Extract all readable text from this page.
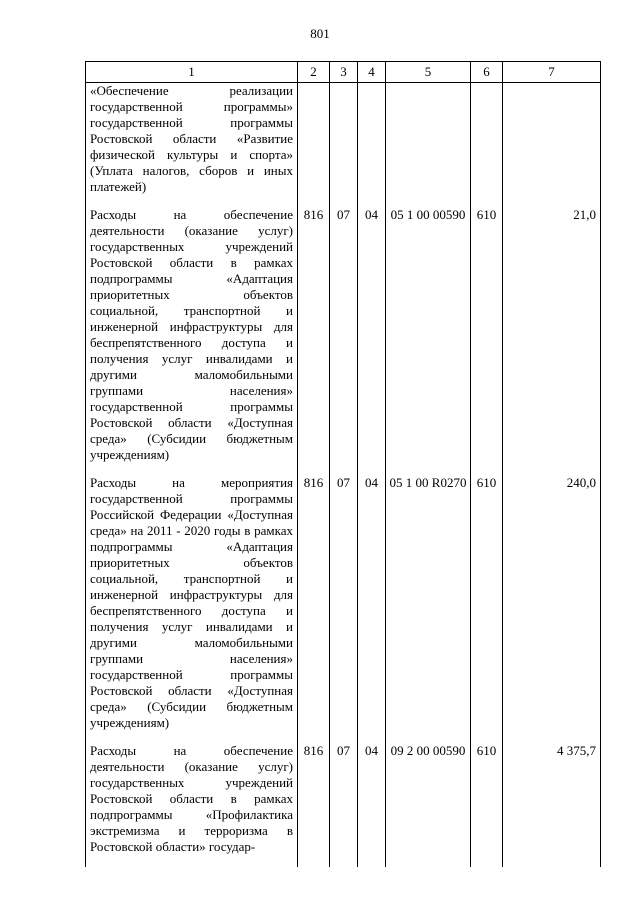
801
1	2	3	4	5	6	7
«Обеспечение реализации государственной программы» государственной программы Ростовской области «Развитие физической культуры и спорта» (Уплата налогов, сборов и иных платежей)						
Расходы на обеспечение деятельности (оказание услуг) государственных учреждений Ростовской области в рамках подпрограммы «Адаптация приоритетных объектов социальной, транспортной и инженерной инфраструктуры для беспрепятственного доступа и получения услуг инвалидами и другими маломобильными группами населения» государственной программы Ростовской области «Доступная среда» (Субсидии бюджетным учреждениям)	816	07	04	05 1 00 00590	610	21,0
Расходы на мероприятия государственной программы Российской Федерации «Доступная среда» на 2011 - 2020 годы в рамках подпрограммы «Адаптация приоритетных объектов социальной, транспортной и инженерной инфраструктуры для беспрепятственного доступа и получения услуг инвалидами и другими маломобильными группами населения» государственной программы Ростовской области «Доступная среда» (Субсидии бюджетным учреждениям)	816	07	04	05 1 00 R0270	610	240,0
Расходы на обеспечение деятельности (оказание услуг) государственных учреждений Ростовской области в рамках подпрограммы «Профилактика экстремизма и терроризма в Ростовской области» государ-	816	07	04	09 2 00 00590	610	4 375,7
